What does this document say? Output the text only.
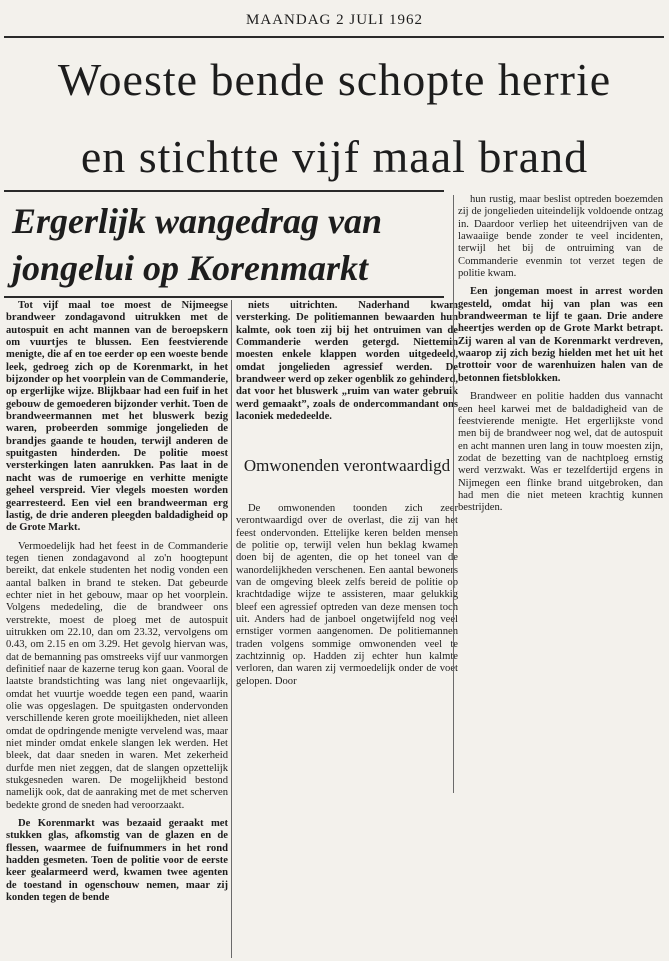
MAANDAG 2 JULI 1962
Woeste bende schopte herrie
en stichtte vijf maal brand
Ergerlijk wangedrag van
jongelui op Korenmarkt

Tot vijf maal toe moest de Nijmeegse brandweer zondagavond uitrukken met de autospuit en acht mannen van de beroepskern om vuurtjes te blussen. Een feestvierende menigte, die af en toe eerder op een woeste bende leek, gedroeg zich op de Korenmarkt, in het bijzonder op het voorplein van de Commanderie, op ergerlijke wijze. Blijkbaar had een fuif in het gebouw de gemoederen bijzonder verhit. Toen de brandweermannen met het bluswerk bezig waren, probeerden sommige jongelieden de brandjes gaande te houden, terwijl anderen de spuitgasten hinderden. De politie moest versterkingen laten aanrukken. Pas laat in de nacht was de rumoerige en verhitte menigte geheel verspreid. Vier vlegels moesten worden gearresteerd. Een viel een brandweerman erg lastig, de drie anderen pleegden baldadigheid op de Grote Markt.

Vermoedelijk had het feest in de Commanderie tegen tienen zondagavond al zo'n hoogtepunt bereikt, dat enkele studenten het nodig vonden een aantal balken in brand te steken. Dat gebeurde echter niet in het gebouw, maar op het voorplein. Volgens mededeling, die de brandweer ons verstrekte, moest de ploeg met de autospuit uitrukken om 22.10, dan om 23.32, vervolgens om 0.43, om 2.15 en om 3.29. Het gevolg hiervan was, dat de bemanning pas omstreeks vijf uur vanmorgen definitief naar de kazerne terug kon gaan. Vooral de laatste brandstichting was lang niet ongevaarlijk, omdat het vuurtje woedde tegen een pand, waarin olie was opgeslagen. De spuitgasten ondervonden verschillende keren grote moeilijkheden, niet alleen omdat de opdringende menigte vervelend was, maar niet minder omdat enkele slangen lek werden. Het bleek, dat daar sneden in waren. Met zekerheid durfde men niet zeggen, dat de slangen opzettelijk stukgesneden waren. De mogelijkheid bestond namelijk ook, dat de aanraking met de met scherven bedekte grond de sneden had veroorzaakt.

De Korenmarkt was bezaaid geraakt met stukken glas, afkomstig van de glazen en de flessen, waarmee de fuifnummers in het rond hadden gesmeten. Toen de politie voor de eerste keer gealarmeerd werd, kwamen twee agenten de toestand in ogenschouw nemen, maar zij konden tegen de bende

niets uitrichten. Naderhand kwam versterking. De politiemannen bewaarden hun kalmte, ook toen zij bij het ontruimen van de Commanderie werden getergd. Niettemin moesten enkele klappen worden uitgedeeld, omdat jongelieden agressief werden. De brandweer werd op zeker ogenblik zo gehinderd, dat voor het bluswerk „ruim van water gebruik werd gemaakt”, zoals de ondercommandant ons laconiek mededeelde.

Omwonenden verontwaardigd

De omwonenden toonden zich zeer verontwaardigd over de overlast, die zij van het feest ondervonden. Ettelijke keren belden mensen de politie op, terwijl velen hun beklag kwamen doen bij de agenten, die op het toneel van de wanordelijkheden verschenen. Een aantal bewoners van de omgeving bleek zelfs bereid de politie op krachtdadige wijze te assisteren, maar gelukkig bleef een agressief optreden van deze mensen toch uit. Anders had de janboel ongetwijfeld nog veel ernstiger vormen aangenomen. De politiemannen traden volgens sommige omwonenden veel te zachtzinnig op. Hadden zij echter hun kalmte verloren, dan waren zij vermoedelijk onder de voet gelopen. Door

hun rustig, maar beslist optreden boezemden zij de jongelieden uiteindelijk voldoende ontzag in. Daardoor verliep het uiteendrijven van de lawaaiige bende zonder te veel incidenten, terwijl het bij de ontruiming van de Commanderie evenmin tot verzet tegen de politie kwam.

Een jongeman moest in arrest worden gesteld, omdat hij van plan was een brandweerman te lijf te gaan. Drie andere heertjes werden op de Grote Markt betrapt. Zij waren al van de Korenmarkt verdreven, waarop zij zich bezig hielden met het uit het trottoir voor de warenhuizen halen van de betonnen fietsblokken.

Brandweer en politie hadden dus vannacht een heel karwei met de baldadigheid van de feestvierende menigte. Het ergerlijkste vond men bij de brandweer nog wel, dat de autospuit en acht mannen uren lang in touw moesten zijn, zodat de bezetting van de nachtploeg ernstig werd verzwakt. Was er tezelfdertijd ergens in Nijmegen een flinke brand uitgebroken, dan had men die niet meteen krachtig kunnen bestrijden.
